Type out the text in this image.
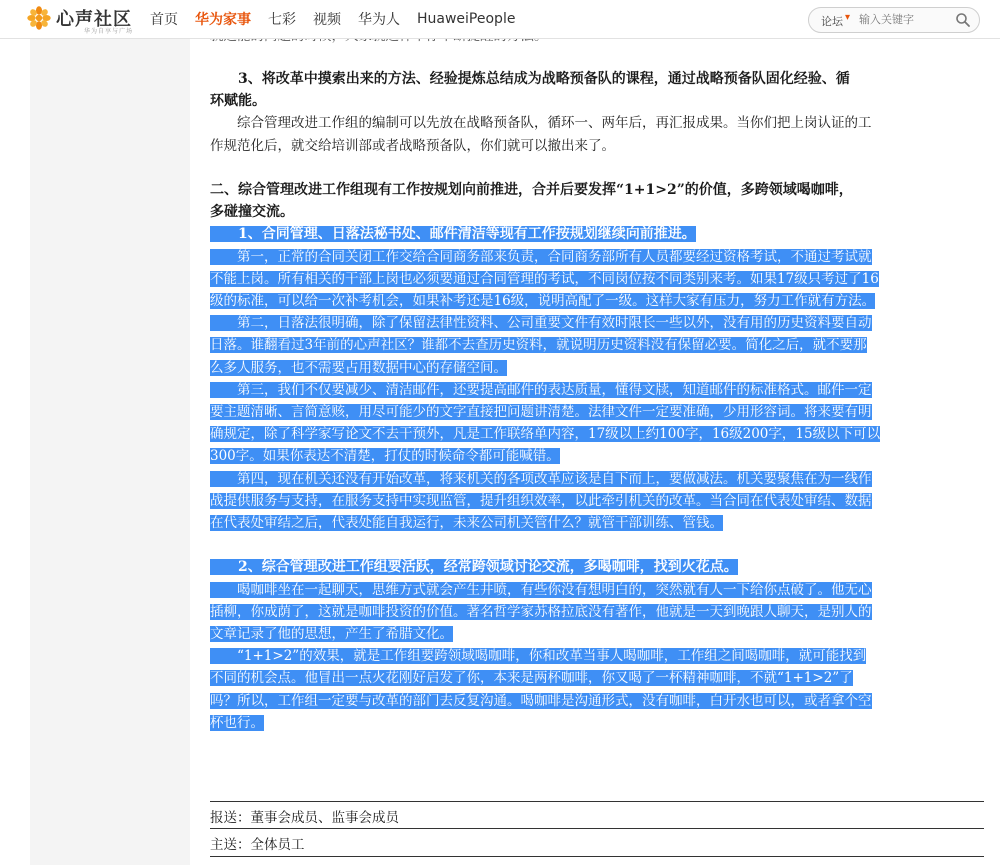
心声社区
华为自享与广场
首页 华为家事 七彩 视频 华为人 HuaweiPeople	论坛 ▾
输入关键字
　　3、将改革中摸索出来的方法、经验提炼总结成为战略预备队的课程，通过战略预备队固化经验、循
环赋能。
　　综合管理改进工作组的编制可以先放在战略预备队，循环一、两年后，再汇报成果。当你们把上岗认证的工
作规范化后，就交给培训部或者战略预备队，你们就可以撤出来了。
二、综合管理改进工作组现有工作按规划向前推进，合并后要发挥“1+1>2”的价值，多跨领域喝咖啡，
多碰撞交流。
　　1、合同管理、日落法秘书处、邮件清洁等现有工作按规划继续向前推进。
　　第一，正常的合同关闭工作交给合同商务部来负责，合同商务部所有人员都要经过资格考试，不通过考试就
不能上岗。所有相关的干部上岗也必须要通过合同管理的考试，不同岗位按不同类别来考。如果17级只考过了16
级的标准，可以给一次补考机会，如果补考还是16级，说明高配了一级。这样大家有压力，努力工作就有方法。
　　第二，日落法很明确，除了保留法律性资料、公司重要文件有效时限长一些以外，没有用的历史资料要自动
日落。谁翻看过3年前的心声社区？谁都不去查历史资料，就说明历史资料没有保留必要。简化之后，就不要那
么多人服务，也不需要占用数据中心的存储空间。
　　第三，我们不仅要减少、清洁邮件，还要提高邮件的表达质量，懂得文牍，知道邮件的标准格式。邮件一定
要主题清晰、言简意赅，用尽可能少的文字直接把问题讲清楚。法律文件一定要准确，少用形容词。将来要有明
确规定，除了科学家写论文不去干预外，凡是工作联络单内容，17级以上约100字，16级200字，15级以下可以
300字。如果你表达不清楚，打仗的时候命令都可能喊错。
　　第四，现在机关还没有开始改革，将来机关的各项改革应该是自下而上，要做减法。机关要聚焦在为一线作
战提供服务与支持，在服务支持中实现监管，提升组织效率，以此牵引机关的改革。当合同在代表处审结、数据
在代表处审结之后，代表处能自我运行，未来公司机关管什么？就管干部训练、管钱。
　　2、综合管理改进工作组要活跃，经常跨领域讨论交流，多喝咖啡，找到火花点。
　　喝咖啡坐在一起聊天，思维方式就会产生井喷，有些你没有想明白的，突然就有人一下给你点破了。他无心
插柳，你成荫了，这就是咖啡投资的价值。著名哲学家苏格拉底没有著作，他就是一天到晚跟人聊天，是别人的
文章记录了他的思想，产生了希腊文化。
　　“1+1>2”的效果，就是工作组要跨领域喝咖啡，你和改革当事人喝咖啡，工作组之间喝咖啡，就可能找到
不同的机会点。他冒出一点火花刚好启发了你，本来是两杯咖啡，你又喝了一杯精神咖啡，不就“1+1>2”了
吗？所以，工作组一定要与改革的部门去反复沟通。喝咖啡是沟通形式，没有咖啡，白开水也可以，或者拿个空
杯也行。
报送：董事会成员、监事会成员
主送：全体员工
